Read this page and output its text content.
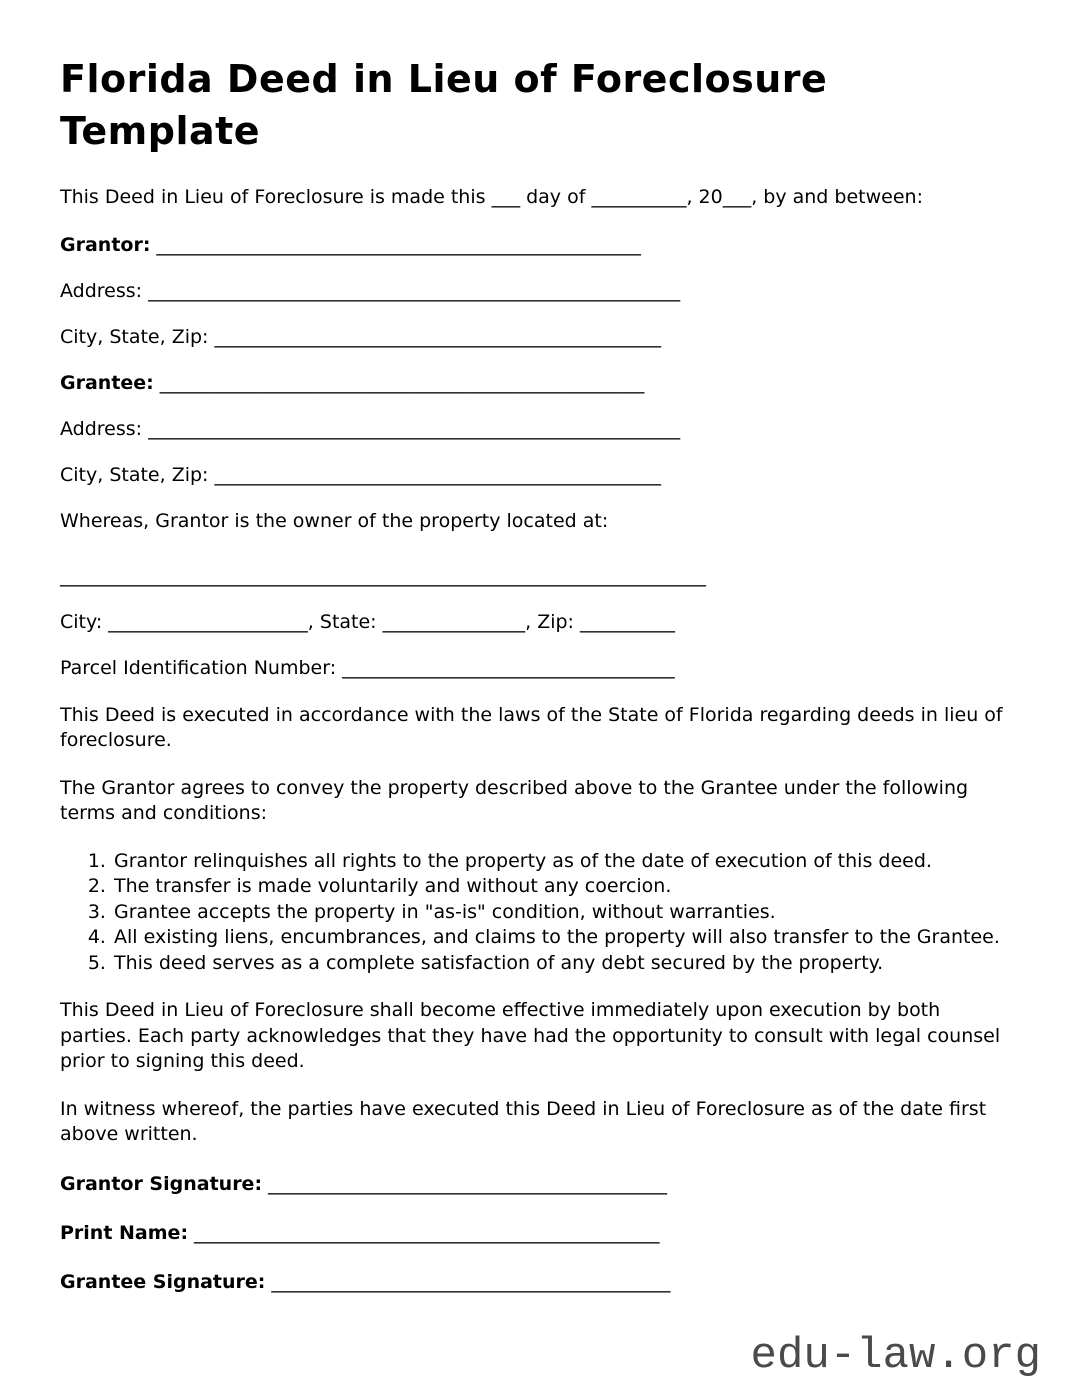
Florida Deed in Lieu of Foreclosure Template

This Deed in Lieu of Foreclosure is made this ___ day of __________, 20___, by and between:

Grantor: ___________________________________________________

Address: ________________________________________________________

City, State, Zip: _______________________________________________

Grantee: ___________________________________________________

Address: ________________________________________________________

City, State, Zip: _______________________________________________

Whereas, Grantor is the owner of the property located at:

____________________________________________________________________

City: _____________________, State: _______________, Zip: __________

Parcel Identification Number: ___________________________________

This Deed is executed in accordance with the laws of the State of Florida regarding deeds in lieu of foreclosure.

The Grantor agrees to convey the property described above to the Grantee under the following terms and conditions:

1. Grantor relinquishes all rights to the property as of the date of execution of this deed.
2. The transfer is made voluntarily and without any coercion.
3. Grantee accepts the property in "as-is" condition, without warranties.
4. All existing liens, encumbrances, and claims to the property will also transfer to the Grantee.
5. This deed serves as a complete satisfaction of any debt secured by the property.

This Deed in Lieu of Foreclosure shall become effective immediately upon execution by both parties. Each party acknowledges that they have had the opportunity to consult with legal counsel prior to signing this deed.

In witness whereof, the parties have executed this Deed in Lieu of Foreclosure as of the date first above written.

Grantor Signature: __________________________________________

Print Name: _________________________________________________

Grantee Signature: __________________________________________

edu-law.org
